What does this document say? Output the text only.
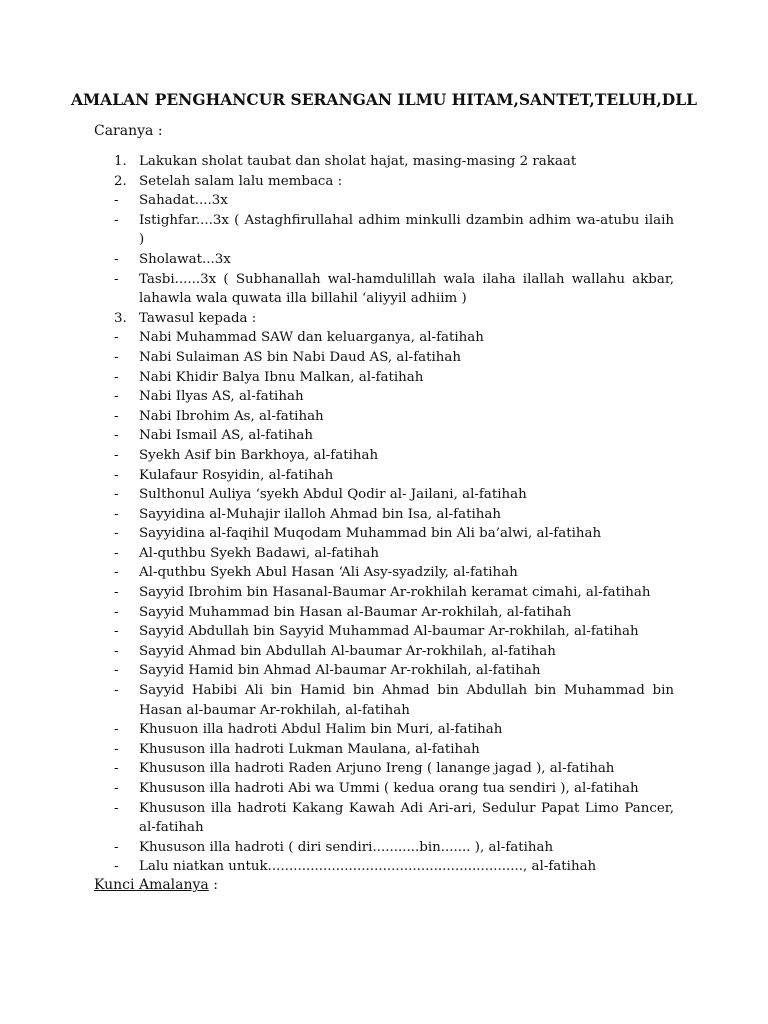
AMALAN PENGHANCUR SERANGAN ILMU HITAM,SANTET,TELUH,DLL

Caranya :

1. Lakukan sholat taubat dan sholat hajat, masing-masing 2 rakaat
2. Setelah salam lalu membaca :
- Sahadat....3x
- Istighfar....3x ( Astaghfirullahal adhim minkulli dzambin adhim wa-atubu ilaih )
- Sholawat...3x
- Tasbi......3x ( Subhanallah wal-hamdulillah wala ilaha ilallah wallahu akbar, lahawla wala quwata illa billahil ‘aliyyil adhiim )
3. Tawasul kepada :
- Nabi Muhammad SAW dan keluarganya, al-fatihah
- Nabi Sulaiman AS bin Nabi Daud AS, al-fatihah
- Nabi Khidir Balya Ibnu Malkan, al-fatihah
- Nabi Ilyas AS, al-fatihah
- Nabi Ibrohim As, al-fatihah
- Nabi Ismail AS, al-fatihah
- Syekh Asif bin Barkhoya, al-fatihah
- Kulafaur Rosyidin, al-fatihah
- Sulthonul Auliya ‘syekh Abdul Qodir al- Jailani, al-fatihah
- Sayyidina al-Muhajir ilalloh Ahmad bin Isa, al-fatihah
- Sayyidina al-faqihil Muqodam Muhammad bin Ali ba’alwi, al-fatihah
- Al-quthbu Syekh Badawi, al-fatihah
- Al-quthbu Syekh Abul Hasan ‘Ali Asy-syadzily, al-fatihah
- Sayyid Ibrohim bin Hasanal-Baumar Ar-rokhilah keramat cimahi, al-fatihah
- Sayyid Muhammad bin Hasan al-Baumar Ar-rokhilah, al-fatihah
- Sayyid Abdullah bin Sayyid Muhammad Al-baumar Ar-rokhilah, al-fatihah
- Sayyid Ahmad bin Abdullah Al-baumar Ar-rokhilah, al-fatihah
- Sayyid Hamid bin Ahmad Al-baumar Ar-rokhilah, al-fatihah
- Sayyid Habibi Ali bin Hamid bin Ahmad bin Abdullah bin Muhammad bin Hasan al-baumar Ar-rokhilah, al-fatihah
- Khusuon illa hadroti Abdul Halim bin Muri, al-fatihah
- Khususon illa hadroti Lukman Maulana, al-fatihah
- Khususon illa hadroti Raden Arjuno Ireng ( lanange jagad ), al-fatihah
- Khususon illa hadroti Abi wa Ummi ( kedua orang tua sendiri ), al-fatihah
- Khususon illa hadroti Kakang Kawah Adi Ari-ari, Sedulur Papat Limo Pancer, al-fatihah
- Khususon illa hadroti ( diri sendiri...........bin....... ), al-fatihah
- Lalu niatkan untuk............................................................, al-fatihah

Kunci Amalanya :
